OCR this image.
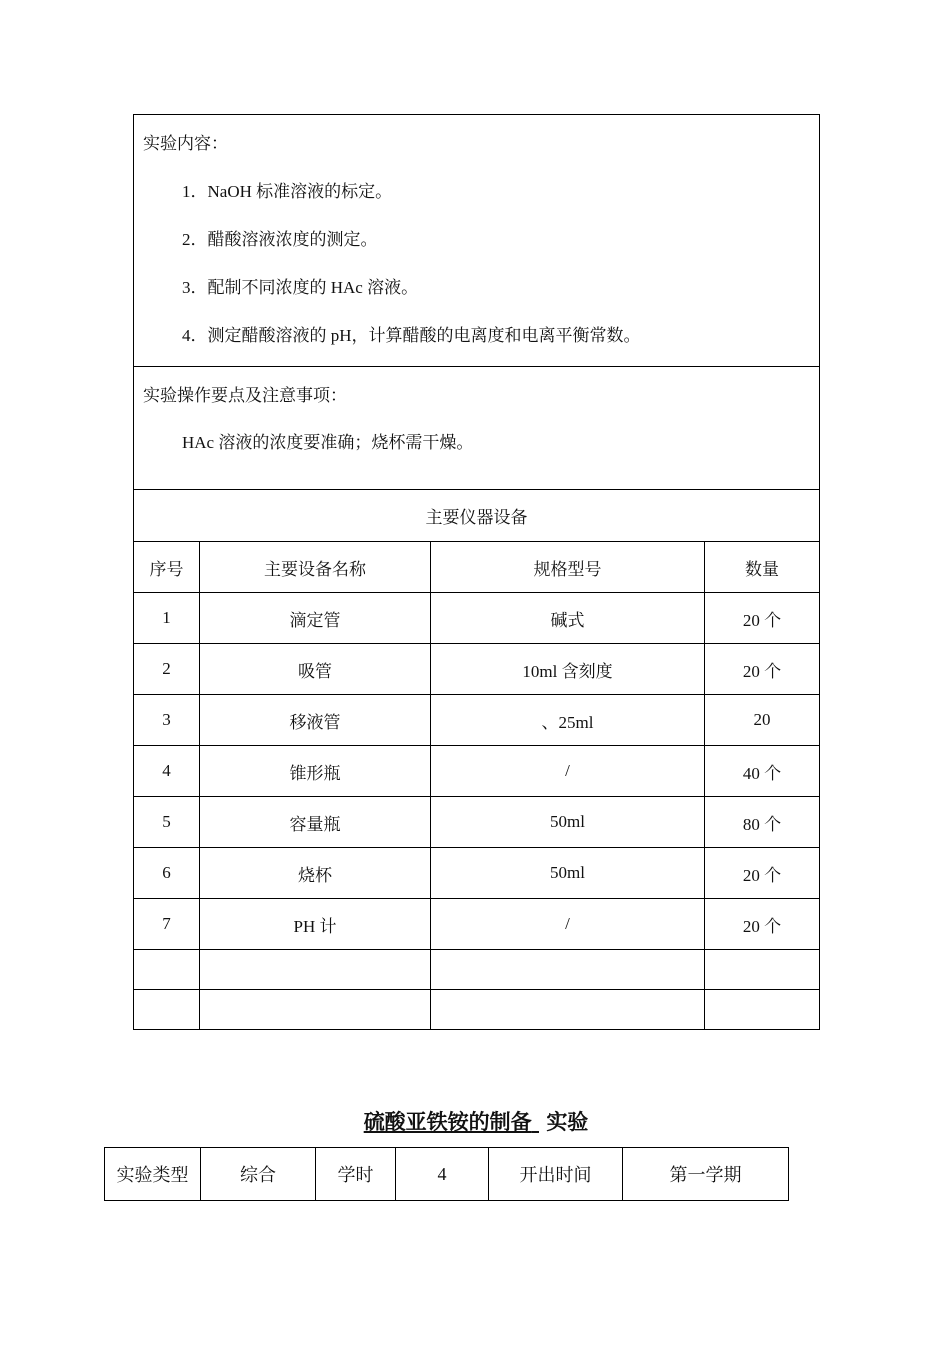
实验内容：
1．NaOH 标准溶液的标定。
2．醋酸溶液浓度的测定。
3．配制不同浓度的 HAc 溶液。
4．测定醋酸溶液的 pH，计算醋酸的电离度和电离平衡常数。			

实验操作要点及注意事项：
HAc 溶液的浓度要准确；烧杯需干燥。			

主要仪器设备			
序号	主要设备名称	规格型号	数量
1	滴定管	碱式	20 个
2	吸管	10ml 含刻度	20 个
3	移液管	、25ml	20
4	锥形瓶	/	40 个
5	容量瓶	50ml	80 个
6	烧杯	50ml	20 个
7	PH 计	/	20 个

硫酸亚铁铵的制备 实验
实验类型	综合	学时	4	开出时间	第一学期
